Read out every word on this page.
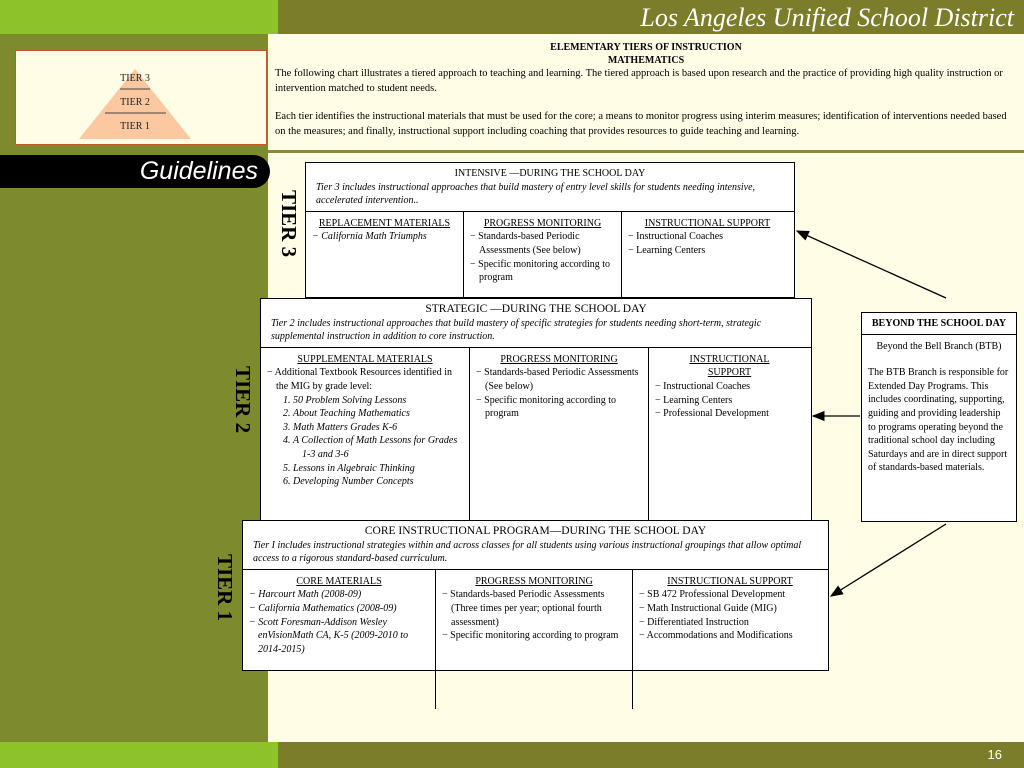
Los Angeles Unified School District
TIER 3
TIER 2
TIER 1
Guidelines
ELEMENTARY TIERS OF INSTRUCTION
MATHEMATICS

The following chart illustrates a tiered approach to teaching and learning. The tiered approach is based upon research and the practice of providing high quality instruction or intervention matched to student needs.

Each tier identifies the instructional materials that must be used for the core; a means to monitor progress using interim measures; identification of interventions needed based on the measures; and finally, instructional support including coaching that provides resources to guide teaching and learning.

TIER 3
INTENSIVE —DURING THE SCHOOL DAY
Tier 3 includes instructional approaches that build mastery of entry level skills for students needing intensive, accelerated intervention..
REPLACEMENT MATERIALS
− California Math Triumphs
PROGRESS MONITORING
− Standards-based Periodic Assessments (See below)
− Specific monitoring according to program
INSTRUCTIONAL SUPPORT
− Instructional Coaches
− Learning Centers
TIER 2
STRATEGIC —DURING THE SCHOOL DAY
Tier 2 includes instructional approaches that build mastery of specific strategies for students needing short-term, strategic supplemental instruction in addition to core instruction.
SUPPLEMENTAL MATERIALS
− Additional Textbook Resources identified in the MIG by grade level:
1. 50 Problem Solving Lessons
2. About Teaching Mathematics
3. Math Matters Grades K-6
4. A Collection of Math Lessons for Grades 1-3 and 3-6
5. Lessons in Algebraic Thinking
6. Developing Number Concepts
PROGRESS MONITORING
− Standards-based Periodic Assessments (See below)
− Specific monitoring according to program
INSTRUCTIONAL SUPPORT
− Instructional Coaches
− Learning Centers
− Professional Development
TIER 1
CORE INSTRUCTIONAL PROGRAM—DURING THE SCHOOL DAY
Tier I includes instructional strategies within and across classes for all students using various instructional groupings that allow optimal access to a rigorous standard-based curriculum.
CORE MATERIALS
− Harcourt Math (2008-09)
− California Mathematics (2008-09)
− Scott Foresman-Addison Wesley enVisionMath CA, K-5 (2009-2010 to 2014-2015)
PROGRESS MONITORING
− Standards-based Periodic Assessments (Three times per year; optional fourth assessment)
− Specific monitoring according to program
INSTRUCTIONAL SUPPORT
− SB 472 Professional Development
− Math Instructional Guide (MIG)
− Differentiated Instruction
− Accommodations and Modifications
BEYOND THE SCHOOL DAY
Beyond the Bell Branch (BTB)

The BTB Branch is responsible for Extended Day Programs. This includes coordinating, supporting, guiding and providing leadership to programs operating beyond the traditional school day including Saturdays and are in direct support of standards-based materials.

16
